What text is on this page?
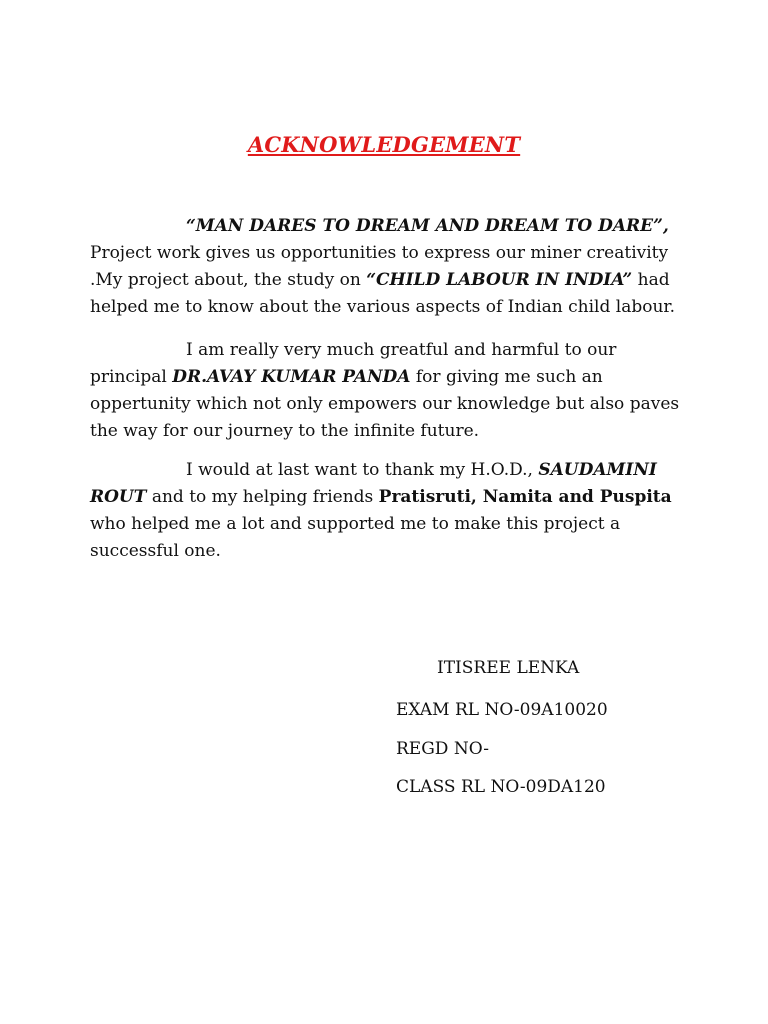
ACKNOWLEDGEMENT
“MAN DARES TO DREAM AND DREAM TO DARE”,
Project work gives us opportunities to express our miner creativity .My project about, the study on “CHILD LABOUR IN INDIA” had helped me to know about the various aspects of Indian child labour.
I am really very much greatful and harmful to our principal DR.AVAY KUMAR PANDA for giving me such an oppertunity which not only empowers our knowledge but also paves the way for our journey to the infinite future.
I would at last want to thank my H.O.D., SAUDAMINI ROUT and to my helping friends Pratisruti, Namita and Puspita who helped me a lot and supported me to make this project a successful one.
ITISREE LENKA
EXAM RL NO-09A10020
REGD NO-
CLASS RL NO-09DA120
